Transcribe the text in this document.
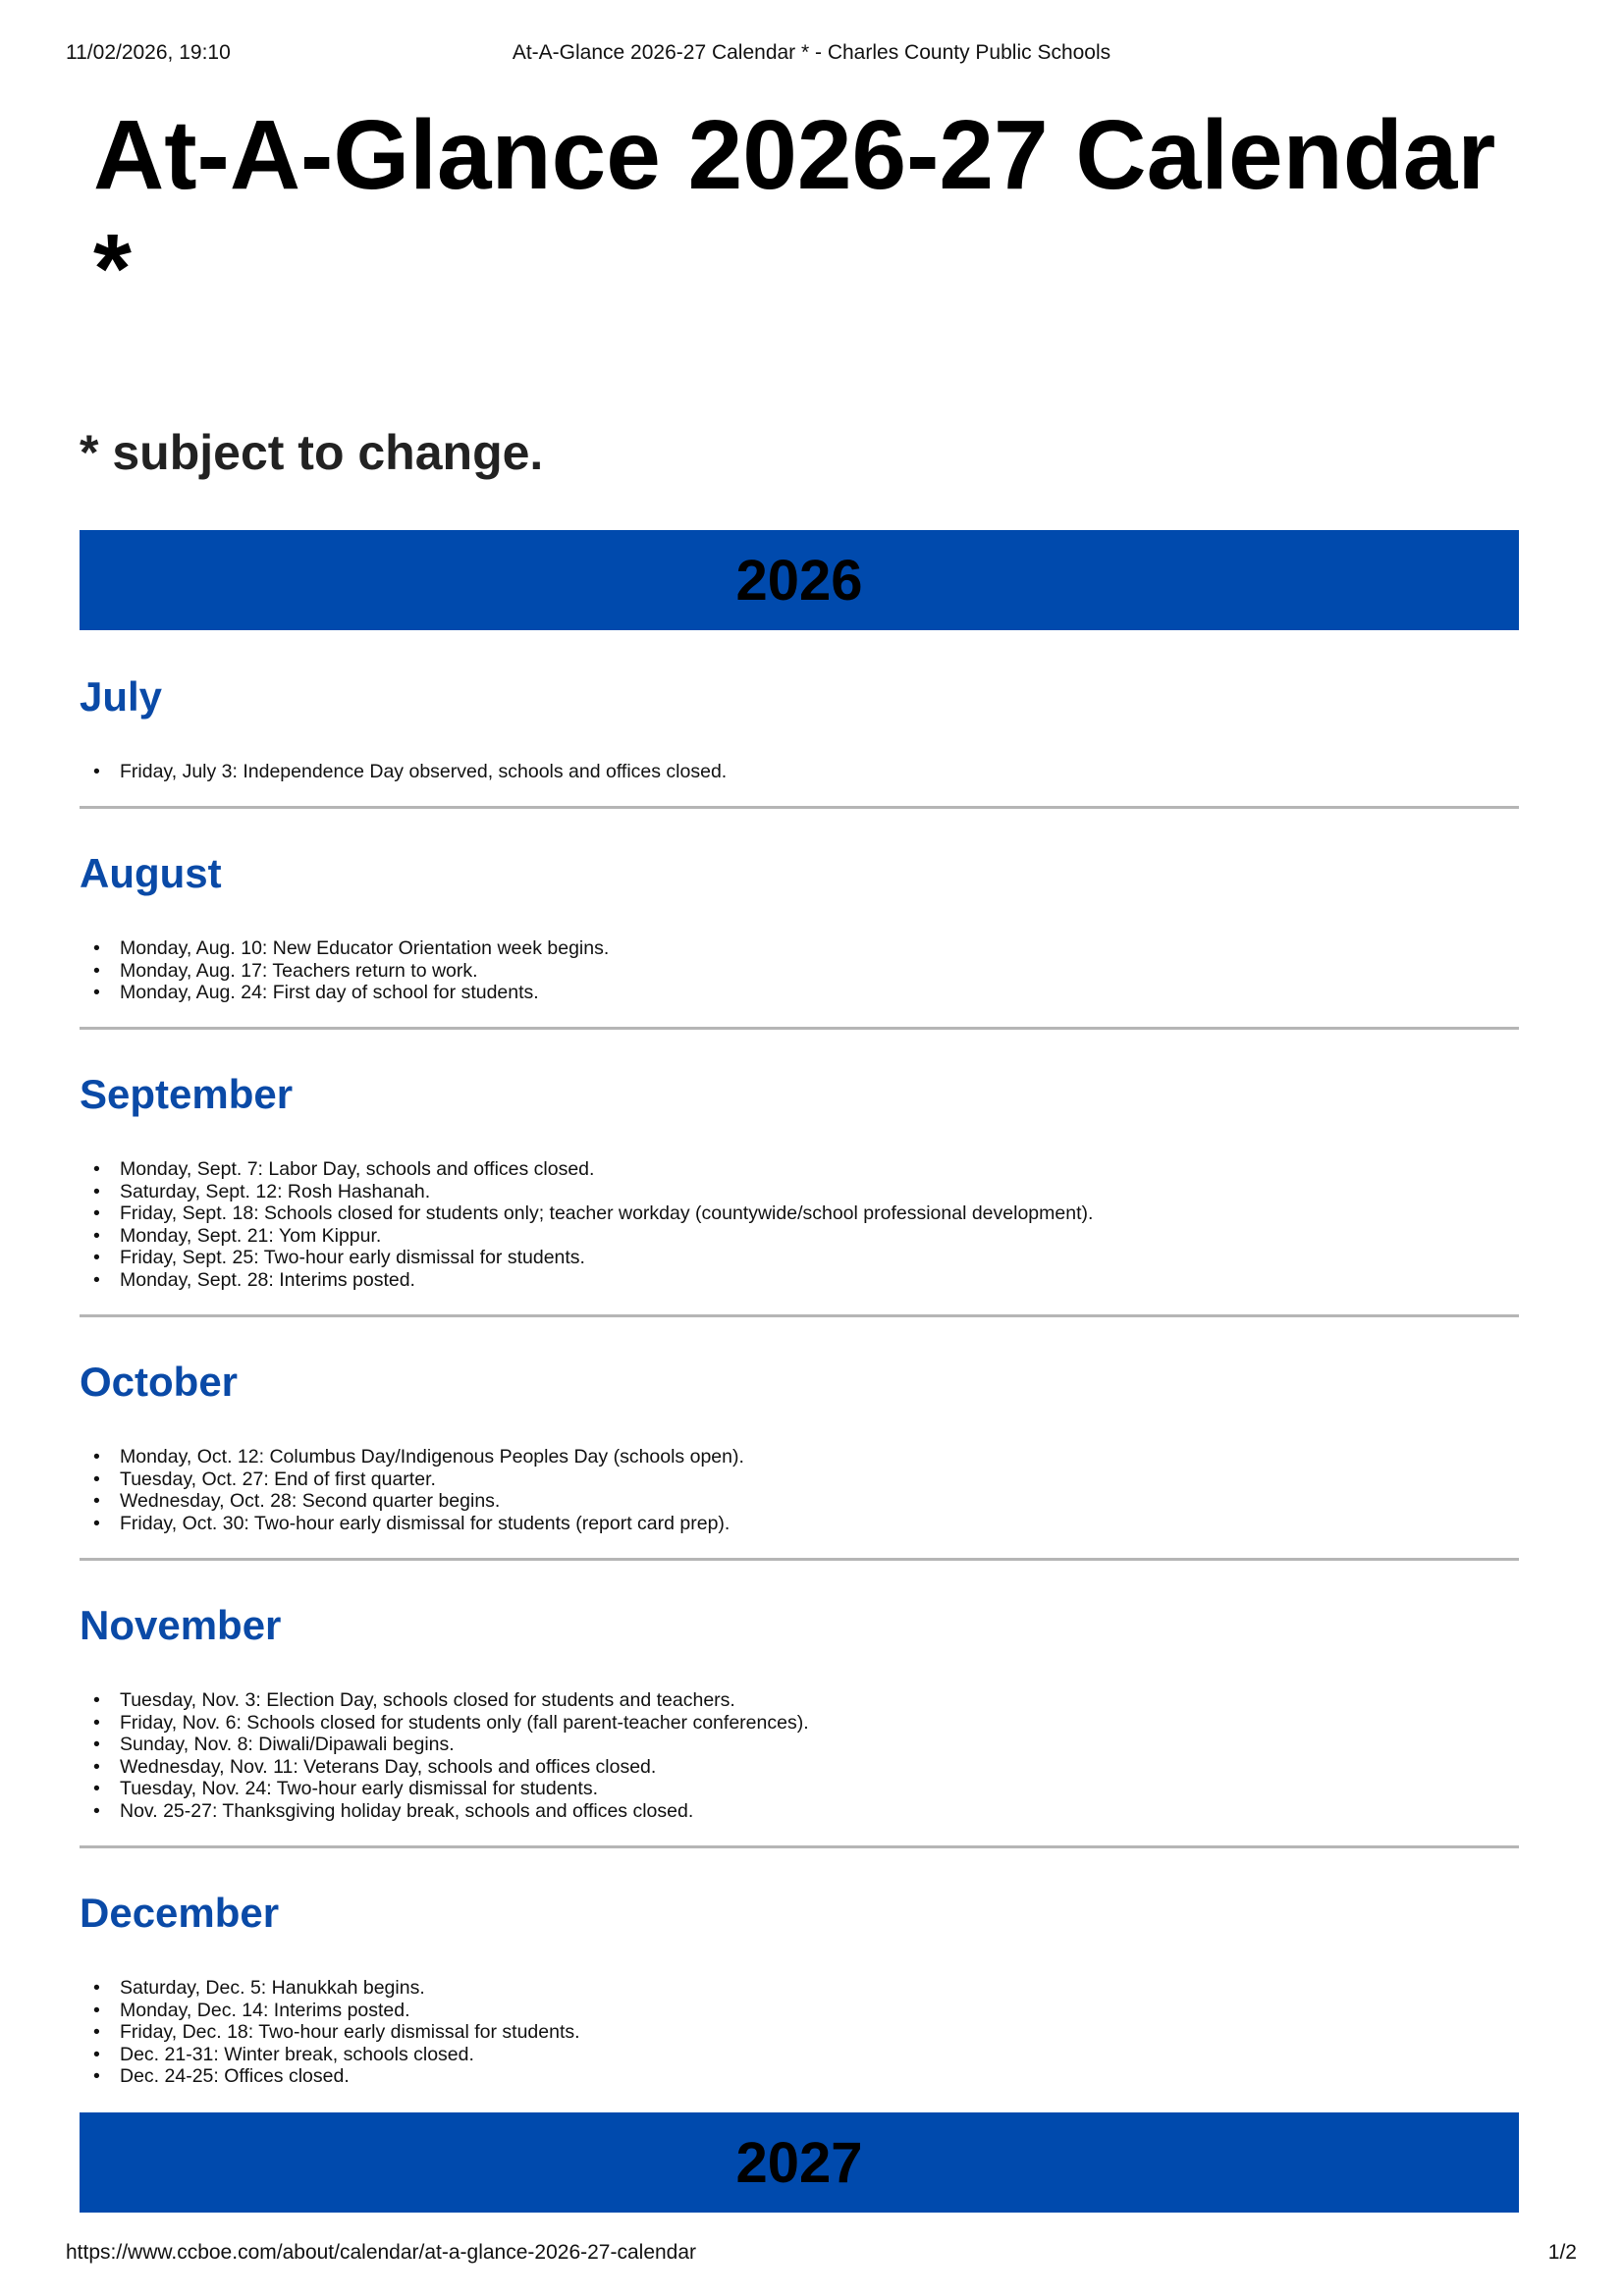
11/02/2026, 19:10	At-A-Glance 2026-27 Calendar * - Charles County Public Schools
At-A-Glance 2026-27 Calendar *

* subject to change.

2026
July
• Friday, July 3: Independence Day observed, schools and offices closed.
August
• Monday, Aug. 10: New Educator Orientation week begins.
• Monday, Aug. 17: Teachers return to work.
• Monday, Aug. 24: First day of school for students.
September
• Monday, Sept. 7: Labor Day, schools and offices closed.
• Saturday, Sept. 12: Rosh Hashanah.
• Friday, Sept. 18: Schools closed for students only; teacher workday (countywide/school professional development).
• Monday, Sept. 21: Yom Kippur.
• Friday, Sept. 25: Two-hour early dismissal for students.
• Monday, Sept. 28: Interims posted.
October
• Monday, Oct. 12: Columbus Day/Indigenous Peoples Day (schools open).
• Tuesday, Oct. 27: End of first quarter.
• Wednesday, Oct. 28: Second quarter begins.
• Friday, Oct. 30: Two-hour early dismissal for students (report card prep).
November
• Tuesday, Nov. 3: Election Day, schools closed for students and teachers.
• Friday, Nov. 6: Schools closed for students only (fall parent-teacher conferences).
• Sunday, Nov. 8: Diwali/Dipawali begins.
• Wednesday, Nov. 11: Veterans Day, schools and offices closed.
• Tuesday, Nov. 24: Two-hour early dismissal for students.
• Nov. 25-27: Thanksgiving holiday break, schools and offices closed.
December
• Saturday, Dec. 5: Hanukkah begins.
• Monday, Dec. 14: Interims posted.
• Friday, Dec. 18: Two-hour early dismissal for students.
• Dec. 21-31: Winter break, schools closed.
• Dec. 24-25: Offices closed.
2027
https://www.ccboe.com/about/calendar/at-a-glance-2026-27-calendar	1/2
